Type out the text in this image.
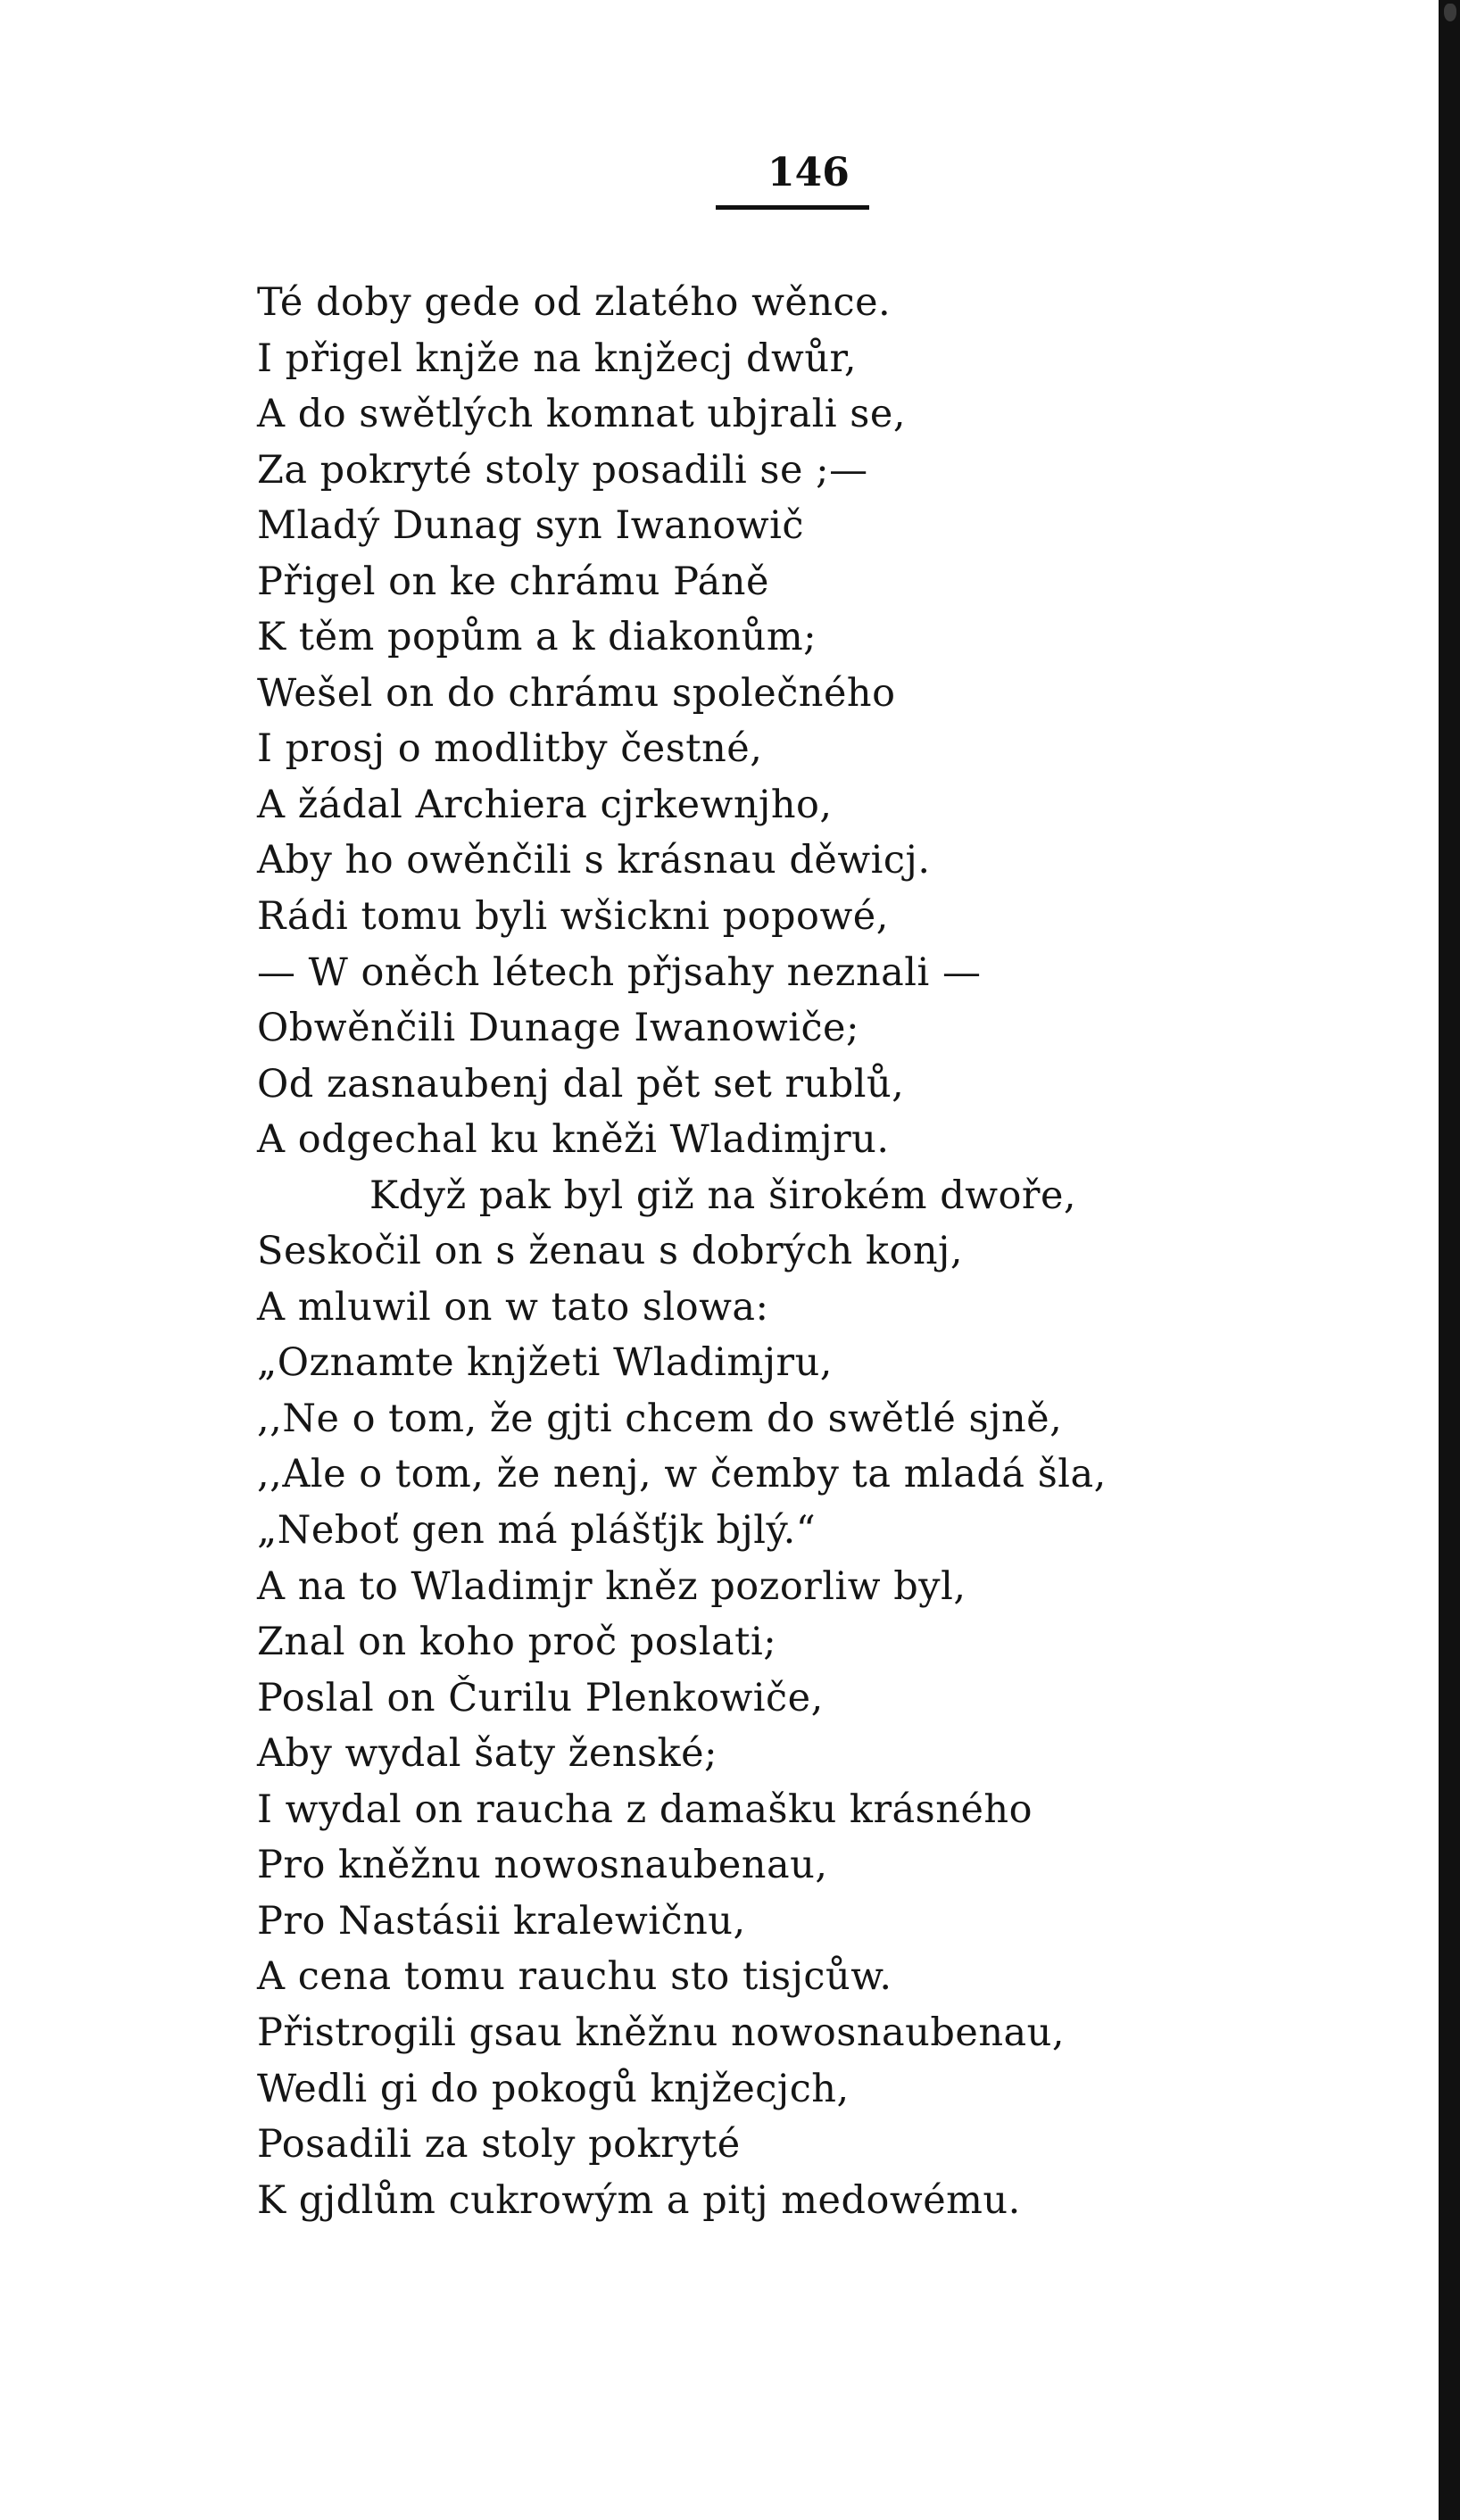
146
Té doby gede od zlatého wěnce.
I přigel knjže na knjžecj dwůr,
A do swětlých komnat ubjrali se,
Za pokryté stoly posadili se ;—
Mladý Dunag syn Iwanowič
Přigel on ke chrámu Páně
K těm popům a k diakonům;
Wešel on do chrámu společného
I prosj o modlitby čestné,
A žádal Archiera cjrkewnjho,
Aby ho owěnčili s krásnau děwicj.
Rádi tomu byli wšickni popowé,
— W oněch létech přjsahy neznali —
Obwěnčili Dunage Iwanowiče;
Od zasnaubenj dal pět set rublů,
A odgechal ku kněži Wladimjru.
Když pak byl giž na širokém dwoře,
Seskočil on s ženau s dobrých konj,
A mluwil on w tato slowa:
„Oznamte knjžeti Wladimjru,
,,Ne o tom, že gjti chcem do swětlé sjně,
,,Ale o tom, že nenj, w čemby ta mladá šla,
„Neboť gen má plášťjk bjlý.“
A na to Wladimjr kněz pozorliw byl,
Znal on koho proč poslati;
Poslal on Čurilu Plenkowiče,
Aby wydal šaty ženské;
I wydal on raucha z damašku krásného
Pro kněžnu nowosnaubenau,
Pro Nastásii kralewičnu,
A cena tomu rauchu sto tisjcůw.
Přistrogili gsau kněžnu nowosnaubenau,
Wedli gi do pokogů knjžecjch,
Posadili za stoly pokryté
K gjdlům cukrowým a pitj medowému.
